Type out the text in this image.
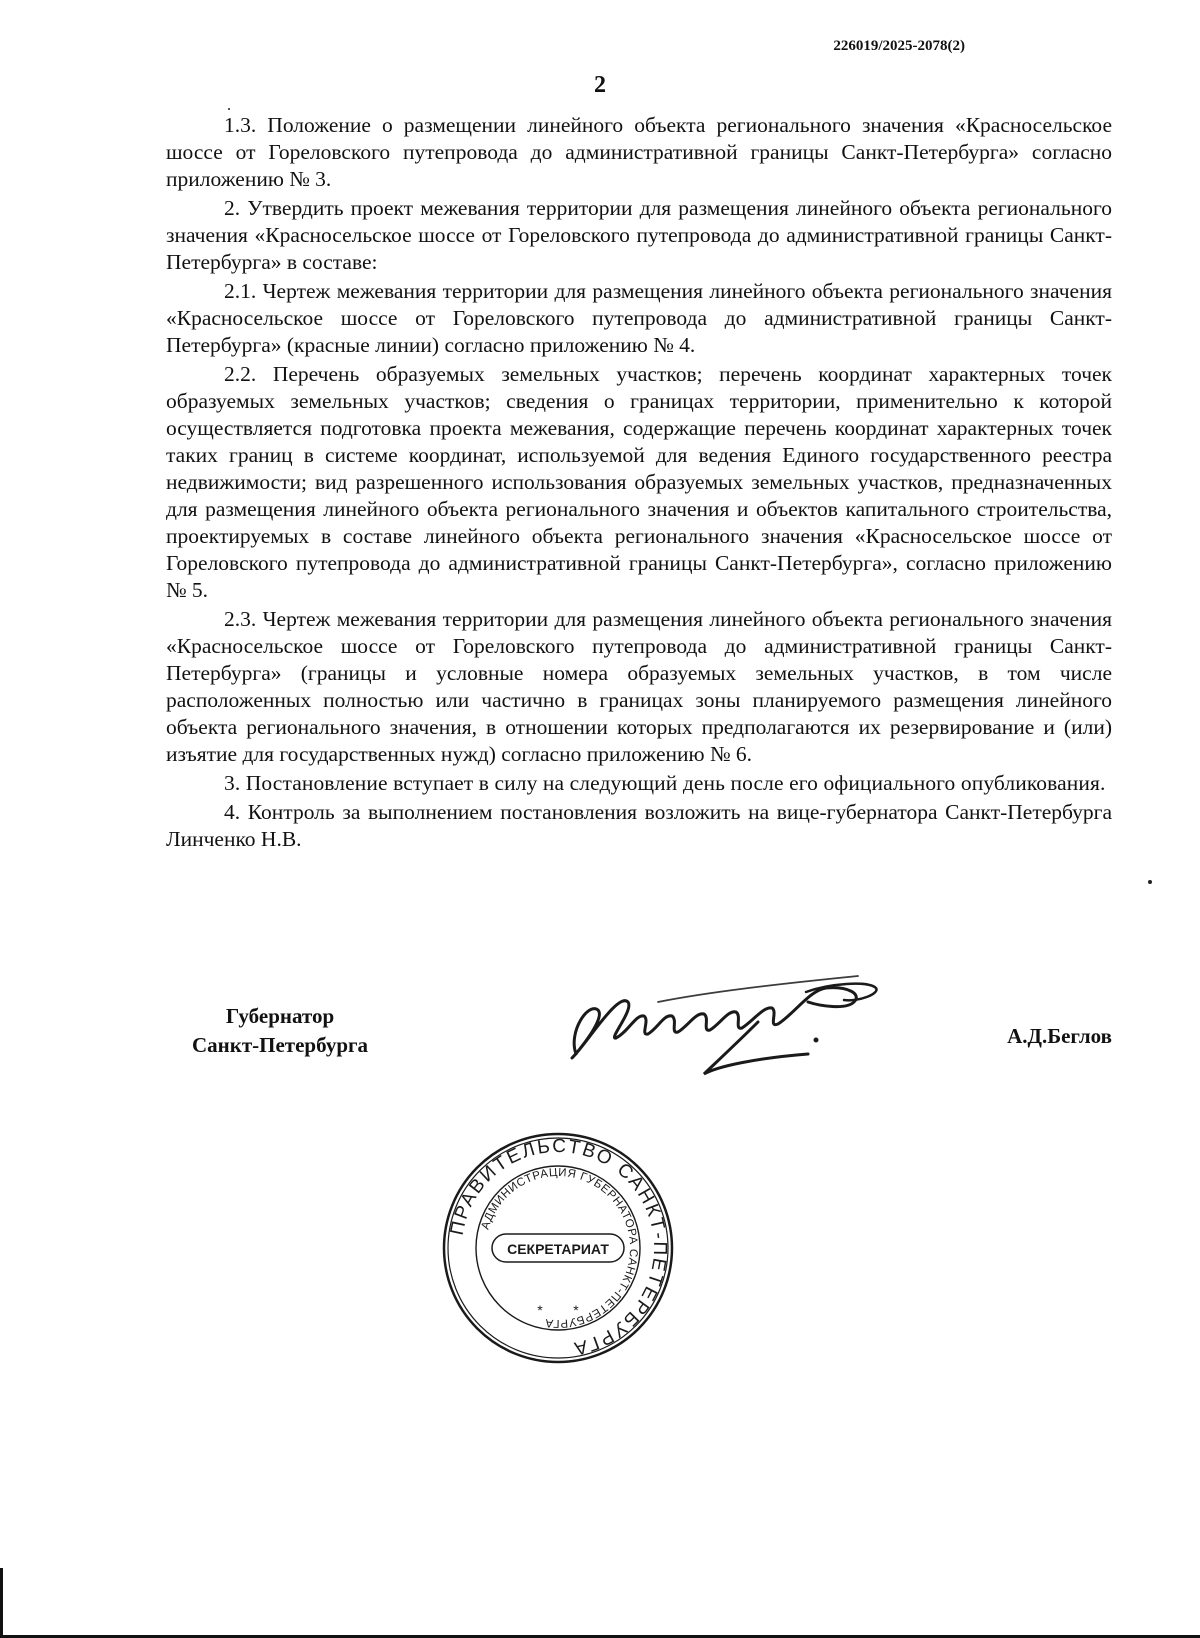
226019/2025-2078(2)
2

1.3. Положение о размещении линейного объекта регионального значения «Красносельское шоссе от Гореловского путепровода до административной границы Санкт-Петербурга» согласно приложению № 3.

2. Утвердить проект межевания территории для размещения линейного объекта регионального значения «Красносельское шоссе от Гореловского путепровода до административной границы Санкт-Петербурга» в составе:

2.1. Чертеж межевания территории для размещения линейного объекта регионального значения «Красносельское шоссе от Гореловского путепровода до административной границы Санкт-Петербурга» (красные линии) согласно приложению № 4.

2.2. Перечень образуемых земельных участков; перечень координат характерных точек образуемых земельных участков; сведения о границах территории, применительно к которой осуществляется подготовка проекта межевания, содержащие перечень координат характерных точек таких границ в системе координат, используемой для ведения Единого государственного реестра недвижимости; вид разрешенного использования образуемых земельных участков, предназначенных для размещения линейного объекта регионального значения и объектов капитального строительства, проектируемых в составе линейного объекта регионального значения «Красносельское шоссе от Гореловского путепровода до административной границы Санкт-Петербурга», согласно приложению № 5.

2.3. Чертеж межевания территории для размещения линейного объекта регионального значения «Красносельское шоссе от Гореловского путепровода до административной границы Санкт-Петербурга» (границы и условные номера образуемых земельных участков, в том числе расположенных полностью или частично в границах зоны планируемого размещения линейного объекта регионального значения, в отношении которых предполагаются их резервирование и (или) изъятие для государственных нужд) согласно приложению № 6.

3. Постановление вступает в силу на следующий день после его официального опубликования.

4. Контроль за выполнением постановления возложить на вице-губернатора Санкт-Петербурга Линченко Н.В.

Губернатор
Санкт-Петербурга	А.Д.Беглов
ПРАВИТЕЛЬСТВО САНКТ-ПЕТЕРБУРГА
АДМИНИСТРАЦИЯ ГУБЕРНАТОРА САНКТ-ПЕТЕРБУРГА
СЕКРЕТАРИАТ
* *
